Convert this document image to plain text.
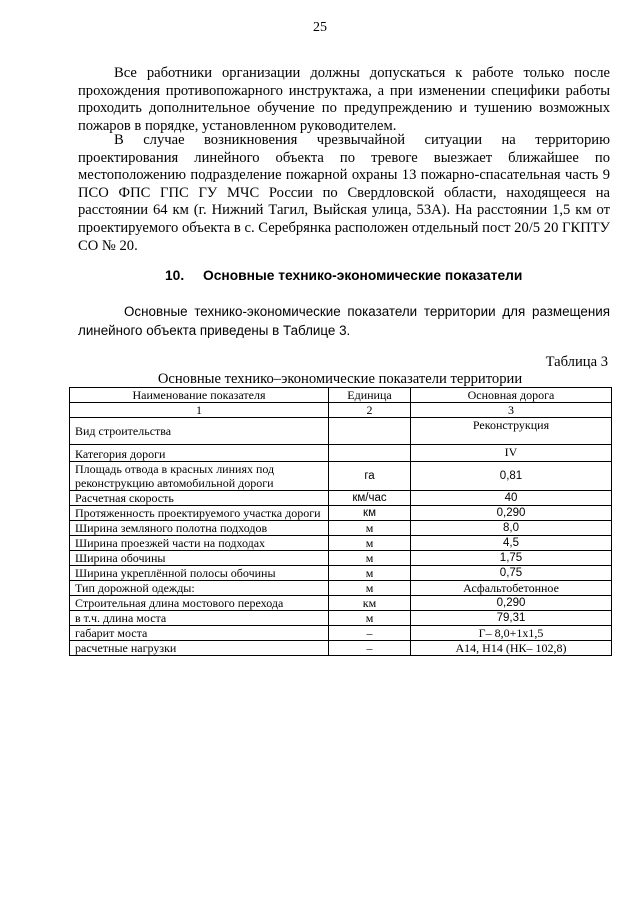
25

Все работники организации должны допускаться к работе только после прохождения противопожарного инструктажа, а при изменении специфики работы проходить дополнительное обучение по предупреждению и тушению возможных пожаров в порядке, установленном руководителем.

В случае возникновения чрезвычайной ситуации на территорию проектирования линейного объекта по тревоге выезжает ближайшее по местоположению подразделение пожарной охраны 13 пожарно-спасательная часть 9 ПСО ФПС ГПС ГУ МЧС России по Свердловской области, находящееся на расстоянии 64 км (г. Нижний Тагил, Выйская улица, 53А). На расстоянии 1,5 км от проектируемого объекта в с. Серебрянка расположен отдельный пост 20/5 20 ГКПТУ СО № 20.

10. Основные технико-экономические показатели

Основные технико-экономические показатели территории для размещения линейного объекта приведены в Таблице 3.

Таблица 3
Основные технико–экономические показатели территории
Наименование показателя	Единица	Основная дорога
1	2	3
Вид строительства		Реконструкция
Категория дороги		IV
Площадь отвода в красных линиях под реконструкцию автомобильной дороги	га	0,81
Расчетная скорость	км/час	40
Протяженность проектируемого участка дороги	км	0,290
Ширина земляного полотна подходов	м	8,0
Ширина проезжей части на подходах	м	4,5
Ширина обочины	м	1,75
Ширина укреплённой полосы обочины	м	0,75
Тип дорожной одежды:	м	Асфальтобетонное
Строительная длина мостового перехода	км	0,290
в т.ч. длина моста	м	79,31
габарит моста	–	Г– 8,0+1х1,5
расчетные нагрузки	–	А14, Н14 (НК– 102,8)
